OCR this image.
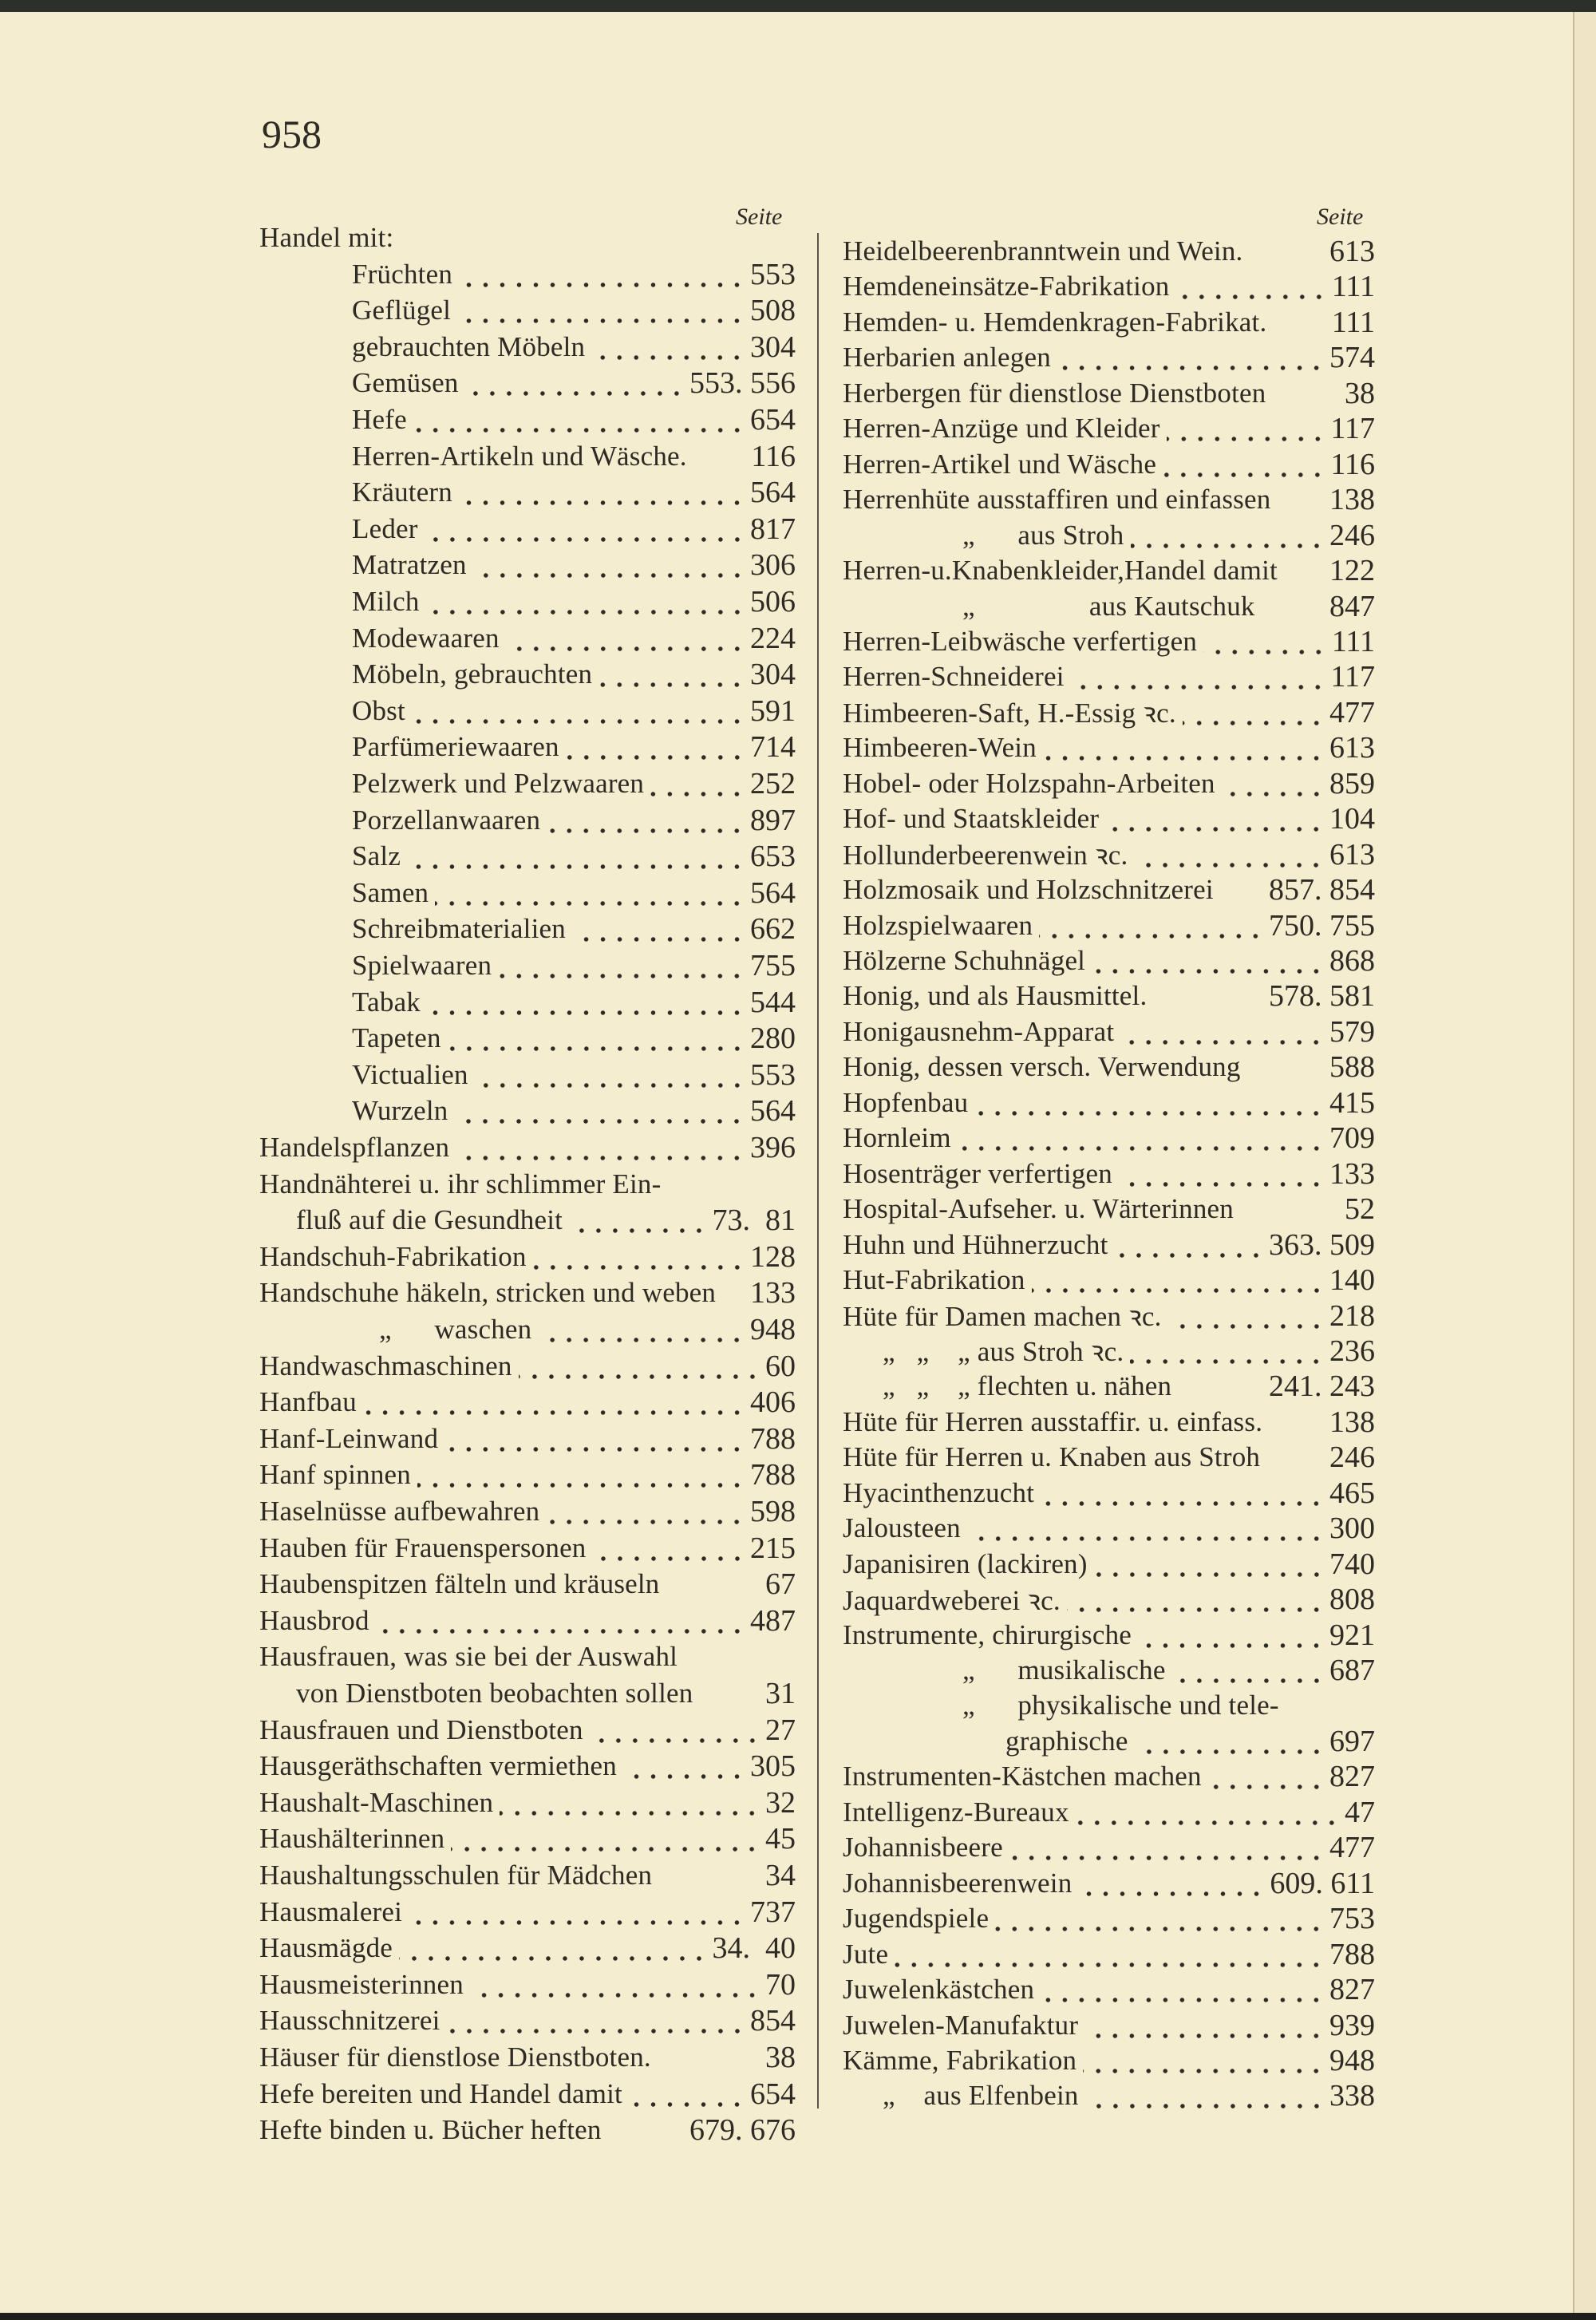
958
Seite	Seite
Handel mit:
Früchten	553
Geflügel	508
gebrauchten Möbeln	304
Gemüsen	553. 556
Hefe	654
Herren-Artikeln und Wäsche. 116
Kräutern	564
Leder	817
Matratzen	306
Milch	506
Modewaaren	224
Möbeln, gebrauchten	304
Obst	591
Parfümeriewaaren	714
Pelzwerk und Pelzwaaren	252
Porzellanwaaren	897
Salz	653
Samen	564
Schreibmaterialien	662
Spielwaaren	755
Tabak	544
Tapeten	280
Victualien	553
Wurzeln	564
Handelspflanzen	396
Handnähterei u. ihr schlimmer Ein-
fluß auf die Gesundheit	73.  81
Handschuh-Fabrikation	128
Handschuhe häkeln, stricken und weben 133
„      waschen	948
Handwaschmaschinen	60
Hanfbau	406
Hanf-Leinwand	788
Hanf spinnen	788
Haselnüsse aufbewahren	598
Hauben für Frauenspersonen	215
Haubenspitzen fälteln und kräuseln	67
Hausbrod	487
Hausfrauen, was sie bei der Auswahl
von Dienstboten beobachten sollen 31
Hausfrauen und Dienstboten	27
Hausgeräthschaften vermiethen	305
Haushalt-Maschinen	32
Haushälterinnen	45
Haushaltungsschulen für Mädchen	34
Hausmalerei	737
Hausmägde	34.  40
Hausmeisterinnen	70
Hausschnitzerei	854
Häuser für dienstlose Dienstboten.	38
Hefe bereiten und Handel damit	654
Hefte binden u. Bücher heften	679. 676
Heidelbeerenbranntwein und Wein.	613
Hemdeneinsätze-Fabrikation	111
Hemden- u. Hemdenkragen-Fabrikat. 111
Herbarien anlegen	574
Herbergen für dienstlose Dienstboten	38
Herren-Anzüge und Kleider	117
Herren-Artikel und Wäsche	116
Herrenhüte ausstaffiren und einfassen 138
„      aus Stroh	246
Herren-u.Knabenkleider,Handel damit 122
„                aus Kautschuk 847
Herren-Leibwäsche verfertigen	111
Herren-Schneiderei	117
Himbeeren-Saft, H.-Essig ꝛc.	477
Himbeeren-Wein	613
Hobel- oder Holzspahn-Arbeiten	859
Hof- und Staatskleider	104
Hollunderbeerenwein ꝛc.	613
Holzmosaik und Holzschnitzerei 857. 854
Holzspielwaaren	750. 755
Hölzerne Schuhnägel	868
Honig, und als Hausmittel.	578. 581
Honigausnehm-Apparat	579
Honig, dessen versch. Verwendung	588
Hopfenbau	415
Hornleim	709
Hosenträger verfertigen	133
Hospital-Aufseher. u. Wärterinnen	52
Huhn und Hühnerzucht	363. 509
Hut-Fabrikation	140
Hüte für Damen machen ꝛc.	218
„   „    „ aus Stroh ꝛc.	236
„   „    „ flechten u. nähen	241. 243
Hüte für Herren ausstaffir. u. einfass. 138
Hüte für Herren u. Knaben aus Stroh 246
Hyacinthenzucht	465
Jalousteen	300
Japanisiren (lackiren)	740
Jaquardweberei ꝛc.	808
Instrumente, chirurgische	921
„      musikalische	687
„      physikalische und tele-
graphische	697
Instrumenten-Kästchen machen	827
Intelligenz-Bureaux	47
Johannisbeere	477
Johannisbeerenwein	609. 611
Jugendspiele	753
Jute	788
Juwelenkästchen	827
Juwelen-Manufaktur	939
Kämme, Fabrikation	948
„    aus Elfenbein	338
